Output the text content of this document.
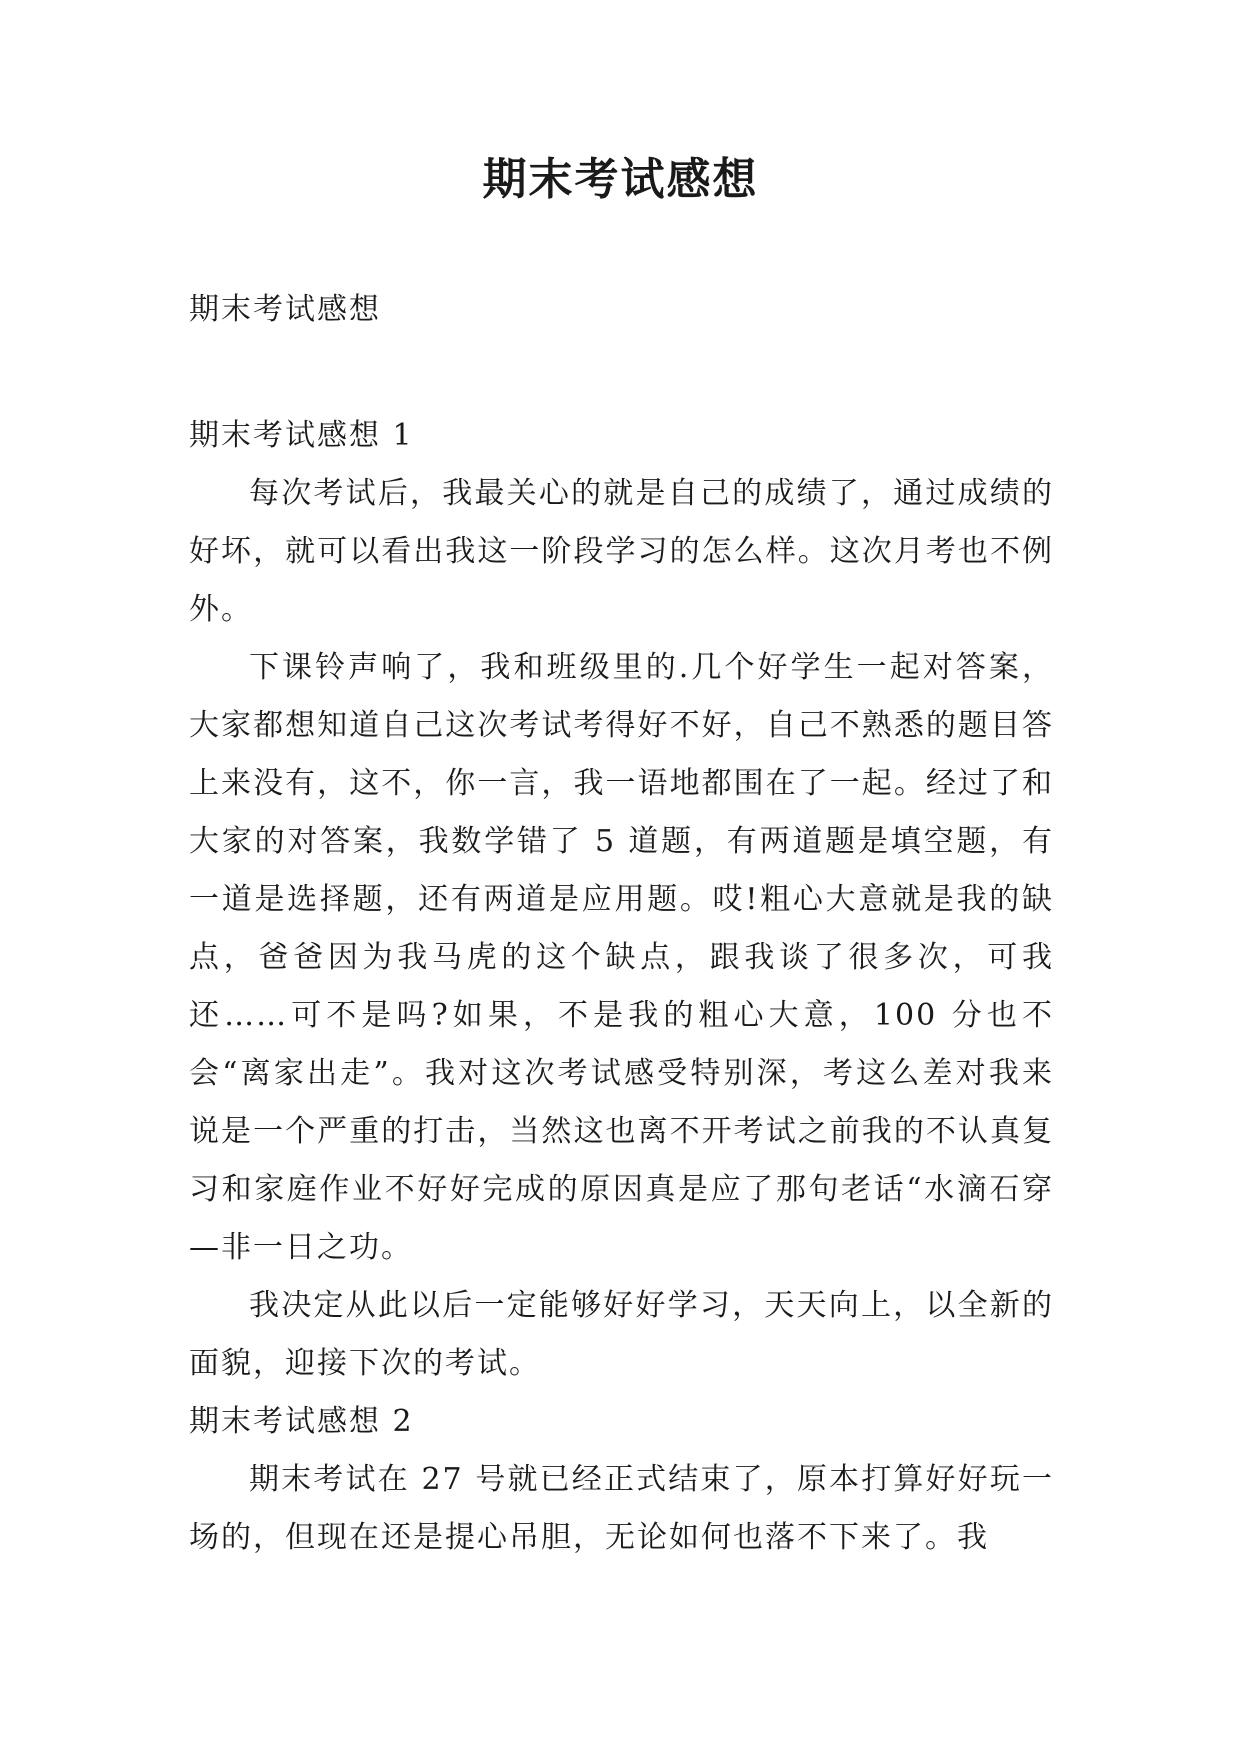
期末考试感想

期末考试感想

期末考试感想 1

每次考试后，我最关心的就是自己的成绩了，通过成绩的好坏，就可以看出我这一阶段学习的怎么样。这次月考也不例外。

下课铃声响了，我和班级里的.几个好学生一起对答案，大家都想知道自己这次考试考得好不好，自己不熟悉的题目答上来没有，这不，你一言，我一语地都围在了一起。经过了和大家的对答案，我数学错了 5 道题，有两道题是填空题，有一道是选择题，还有两道是应用题。哎!粗心大意就是我的缺点，爸爸因为我马虎的这个缺点，跟我谈了很多次，可我还……可不是吗?如果，不是我的粗心大意，100 分也不会“离家出走”。我对这次考试感受特别深，考这么差对我来说是一个严重的打击，当然这也离不开考试之前我的不认真复习和家庭作业不好好完成的原因真是应了那句老话“水滴石穿—非一日之功。

我决定从此以后一定能够好好学习，天天向上，以全新的面貌，迎接下次的考试。

期末考试感想 2

期末考试在 27 号就已经正式结束了，原本打算好好玩一场的，但现在还是提心吊胆，无论如何也落不下来了。我
